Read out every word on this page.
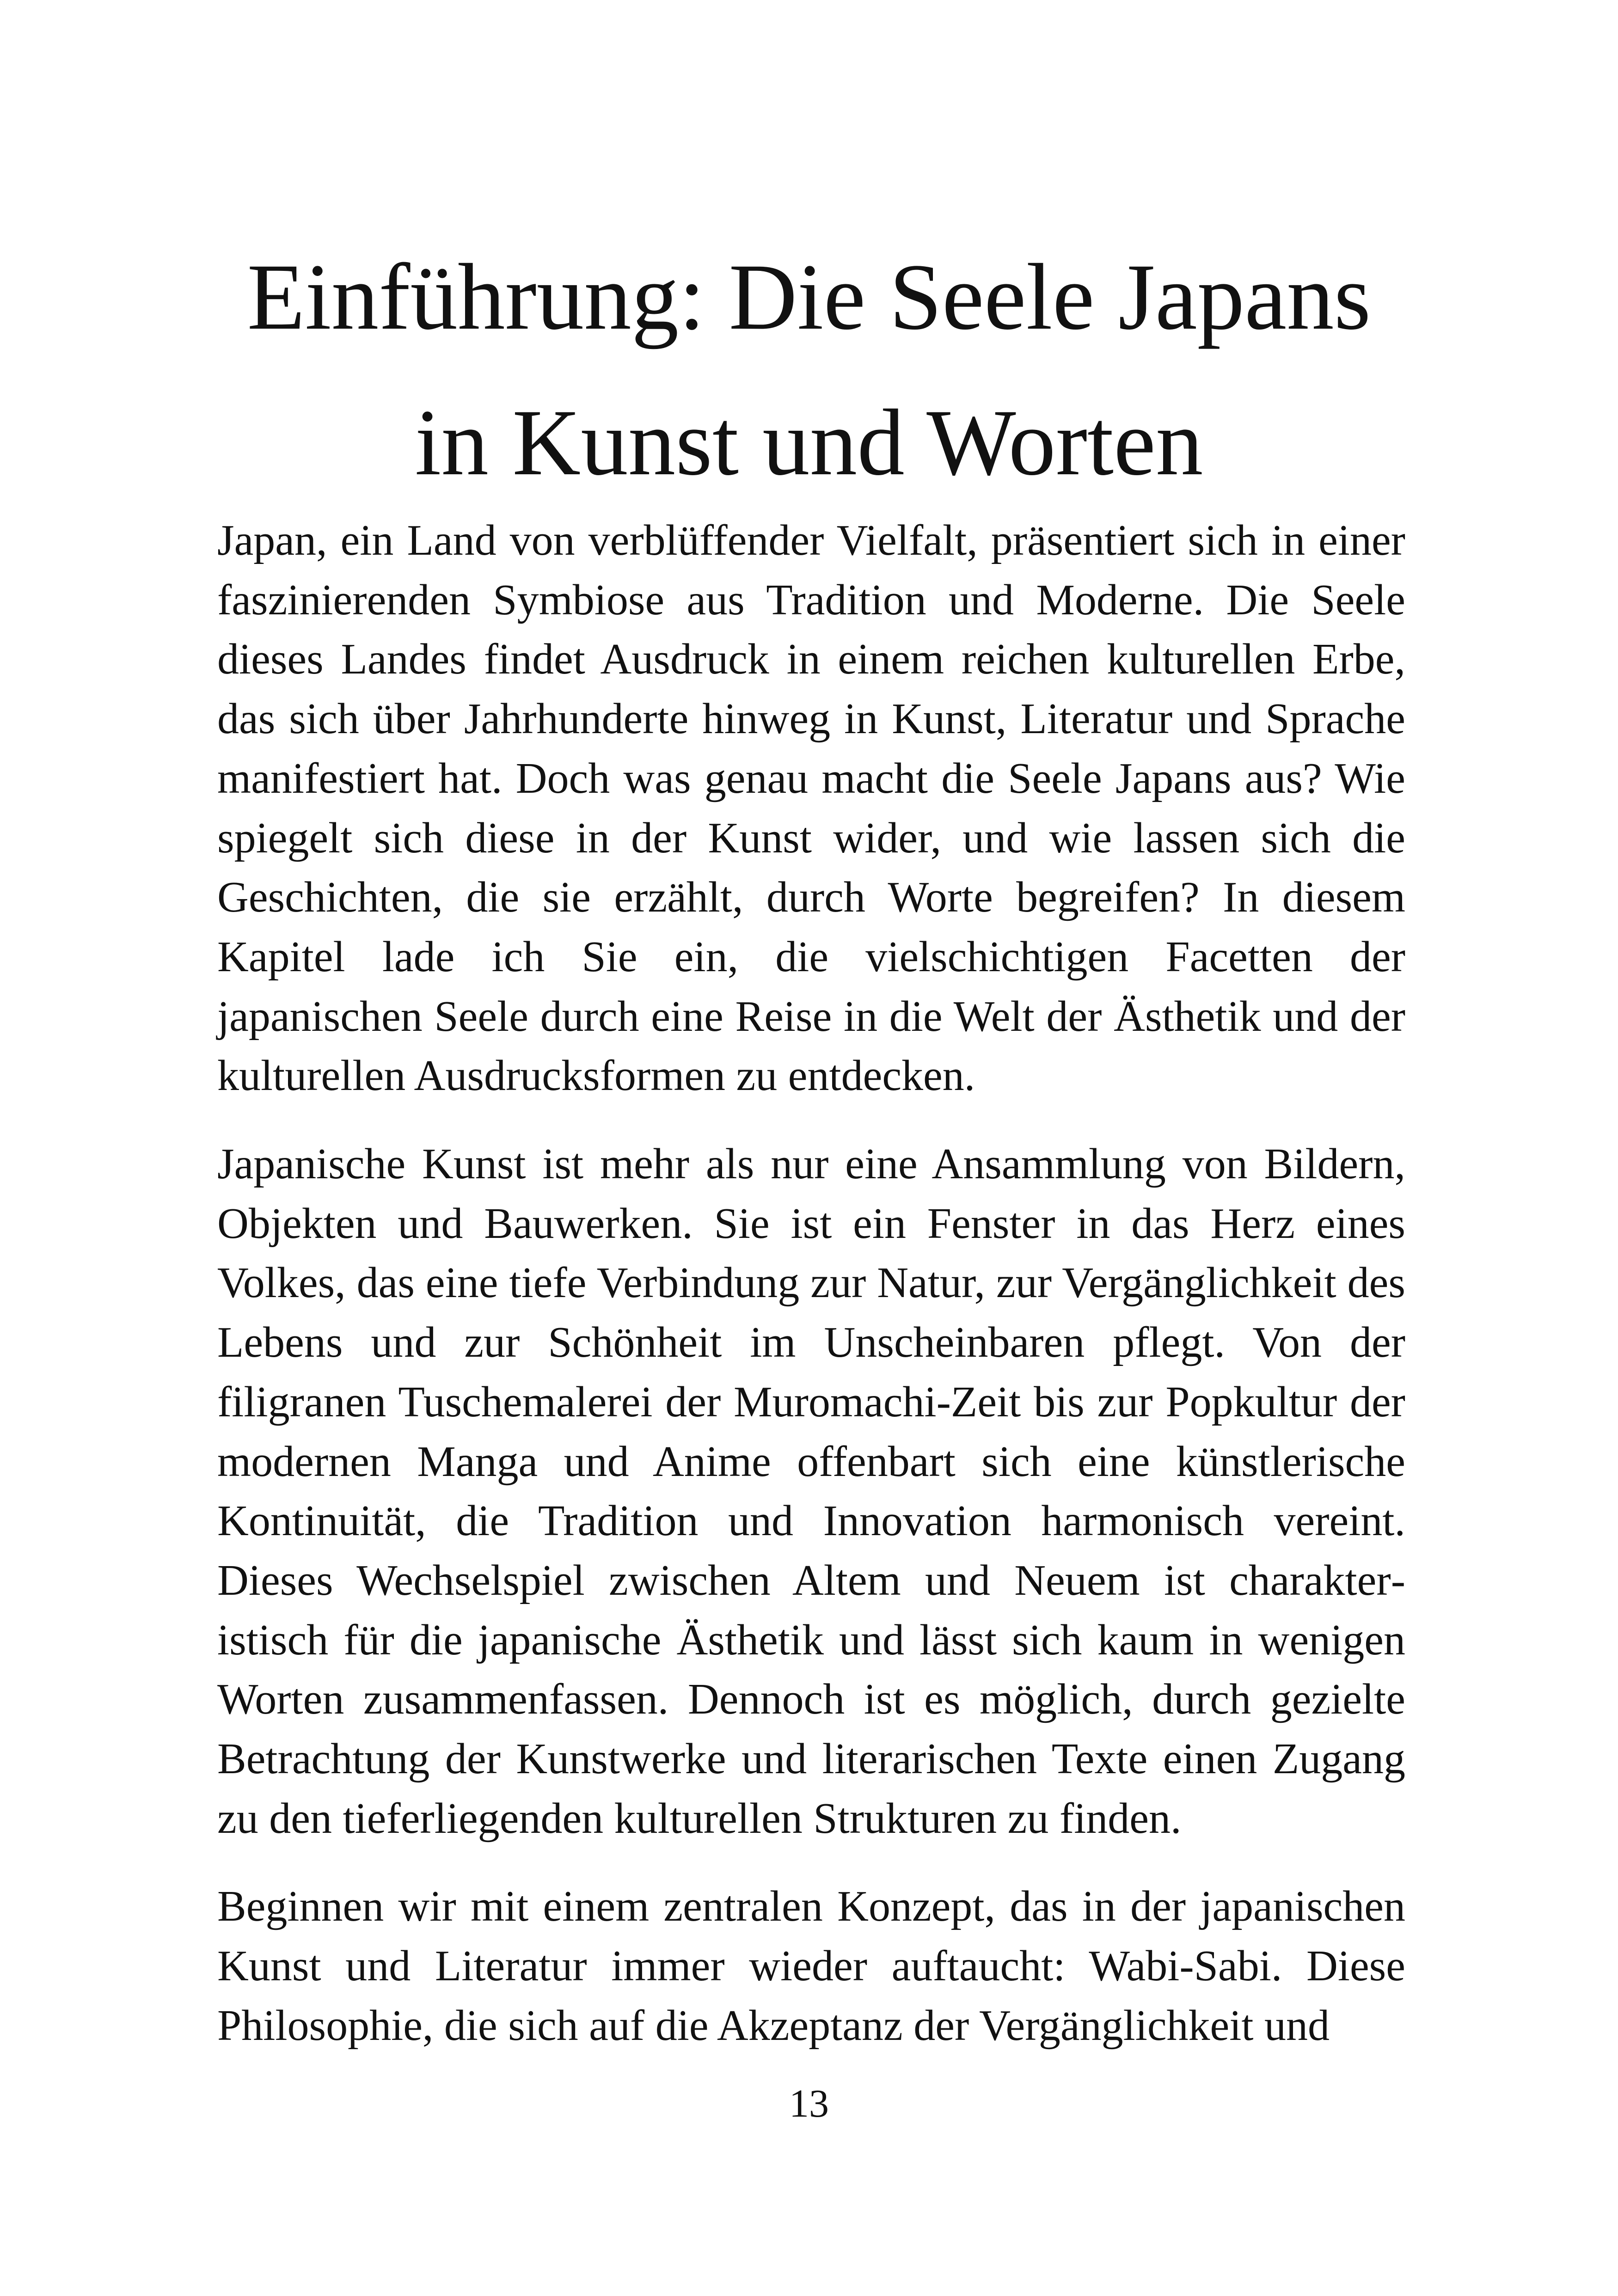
Einführung: Die Seele Japans
in Kunst und Worten

Japan, ein Land von verblüffender Vielfalt, präsentiert sich in einer faszinierenden Symbiose aus Tradition und Moderne. Die Seele dieses Landes findet Ausdruck in einem reichen kulturellen Erbe, das sich über Jahrhunderte hinweg in Kunst, Literatur und Sprache manifestiert hat. Doch was genau macht die Seele Japans aus? Wie spiegelt sich diese in der Kunst wider, und wie lassen sich die Geschichten, die sie erzählt, durch Worte begreifen? In diesem Kapitel lade ich Sie ein, die vielschichtigen Facetten der japanischen Seele durch eine Reise in die Welt der Ästhetik und der kulturellen Ausdrucksformen zu entdecken.

Japanische Kunst ist mehr als nur eine Ansammlung von Bildern, Objekten und Bauwerken. Sie ist ein Fenster in das Herz eines Volkes, das eine tiefe Verbindung zur Natur, zur Vergänglichkeit des Lebens und zur Schönheit im Unscheinbaren pflegt. Von der filigranen Tuschemalerei der Muromachi-Zeit bis zur Popkultur der modernen Manga und Anime offenbart sich eine künstlerische Kontinuität, die Tradition und Innovation harmonisch vereint. Dieses Wechselspiel zwischen Altem und Neuem ist charakteristisch für die japanische Ästhetik und lässt sich kaum in wenigen Worten zusammenfassen. Dennoch ist es möglich, durch gezielte Betrachtung der Kunstwerke und literarischen Texte einen Zugang zu den tieferliegenden kulturellen Strukturen zu finden.

Beginnen wir mit einem zentralen Konzept, das in der japanischen Kunst und Literatur immer wieder auftaucht: Wabi-Sabi. Diese Philosophie, die sich auf die Akzeptanz der Vergänglichkeit und

13
